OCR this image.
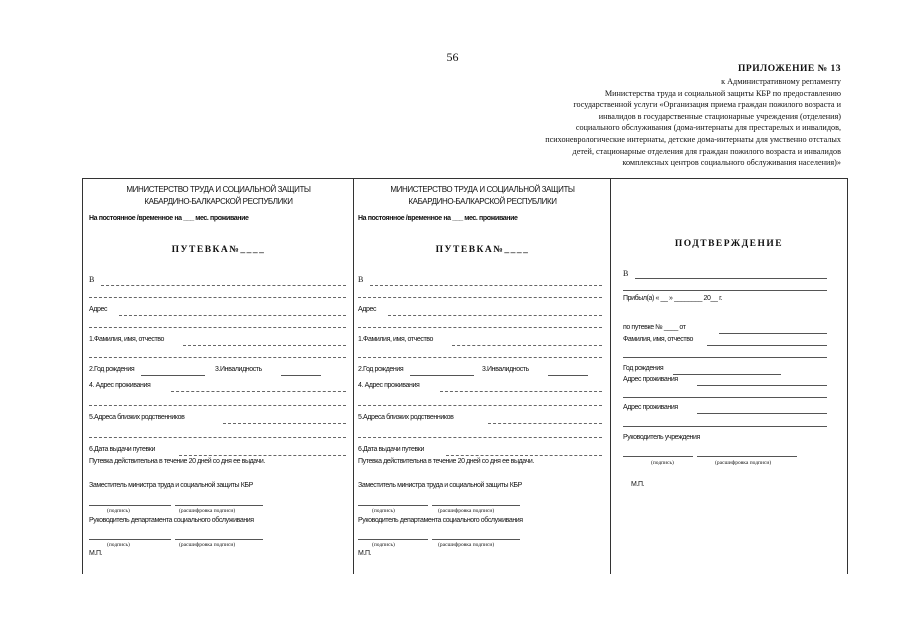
56
ПРИЛОЖЕНИЕ № 13
к Административному регламенту
Министерства труда и социальной защиты КБР по предоставлению
государственной услуги «Организация приема граждан пожилого возраста и
инвалидов в государственные стационарные учреждения (отделения)
социального обслуживания (дома-интернаты для престарелых и инвалидов,
психоневрологические интернаты, детские дома-интернаты для умственно отсталых
детей, стационарные отделения для граждан пожилого возраста и инвалидов
комплексных центров социального обслуживания населения)»
МИНИСТЕРСТВО ТРУДА И СОЦИАЛЬНОЙ ЗАЩИТЫ
КАБАРДИНО-БАЛКАРСКОЙ РЕСПУБЛИКИ
На постоянное /временное на ___ мес. проживание
ПУТЕВКА№____
В
Адрес
1.Фамилия, имя, отчество
2.Год рождения	3.Инвалидность
4. Адрес проживания
5.Адреса близких родственников
6.Дата выдачи путевки
Путевка действительна в течение 20 дней со дня ее выдачи.
Заместитель министра труда и социальной защиты КБР
(подпись)	(расшифровка подписи)
Руководитель департамента социального обслуживания
(подпись)	(расшифровка подписи)
М.П.
МИНИСТЕРСТВО ТРУДА И СОЦИАЛЬНОЙ ЗАЩИТЫ
КАБАРДИНО-БАЛКАРСКОЙ РЕСПУБЛИКИ
На постоянное /временное на ___ мес. проживание
ПУТЕВКА№____
В
Адрес
1.Фамилия, имя, отчество
2.Год рождения	3.Инвалидность
4. Адрес проживания
5.Адреса близких родственников
6.Дата выдачи путевки
Путевка действительна в течение 20 дней со дня ее выдачи.
Заместитель министра труда и социальной защиты КБР
(подпись)	(расшифровка подписи)
Руководитель департамента социального обслуживания
(подпись)	(расшифровка подписи)
М.П.
ПОДТВЕРЖДЕНИЕ
В
Прибыл(а) « __ » ________ 20__ г.
по путевке № ____ от
Фамилия, имя, отчество
Год рождения
Адрес проживания
Адрес проживания
Руководитель учреждения
(подпись)	(расшифровка подписи)
М.П.
